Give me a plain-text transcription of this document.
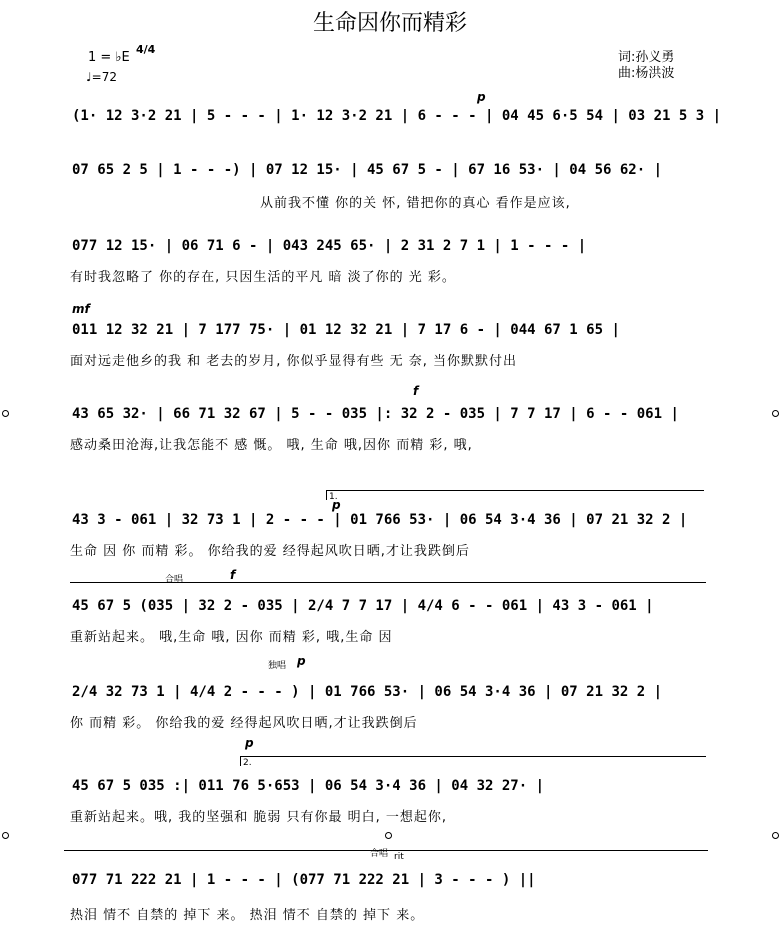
生命因你而精彩
1 = ♭E
4/4
♩=72
词:孙义勇
曲:杨洪波
p
(1· 12 3·2 21 | 5 - - - | 1· 12 3·2 21 | 6 - - - | 04 45 6·5 54 | 03 21 5 3 |
07 65 2 5 | 1 - - -) | 07 12 15· | 45 67 5 - | 67 16 53· | 04 56 62· |
从前我不懂 你的关 怀, 错把你的真心 看作是应该,
077 12 15· | 06 71 6 - | 043 245 65· | 2 31 2 7 1 | 1 - - - |
有时我忽略了 你的存在, 只因生活的平凡 暗 淡了你的 光 彩。
mf
011 12 32 21 | 7 177 75· | 01 12 32 21 | 7 17 6 - | 044 67 1 65 |
面对远走他乡的我 和 老去的岁月, 你似乎显得有些 无 奈, 当你默默付出
f
43 65 32· | 66 71 32 67 | 5 - - 035 |: 32 2 - 035 | 7 7 17 | 6 - - 061 |
感动桑田沧海,让我怎能不 感 慨。 哦, 生命 哦,因你 而精 彩, 哦,
1.
p
43 3 - 061 | 32 73 1 | 2 - - - | 01 766 53· | 06 54 3·4 36 | 07 21 32 2 |
生命 因 你 而精 彩。 你给我的爱 经得起风吹日晒,才让我跌倒后
合唱	f
45 67 5 (035 | 32 2 - 035 | 2/4 7 7 17 | 4/4 6 - - 061 | 43 3 - 061 |
重新站起来。 哦,生命 哦, 因你 而精 彩, 哦,生命 因
独唱 p
2/4 32 73 1 | 4/4 2 - - - ) | 01 766 53· | 06 54 3·4 36 | 07 21 32 2 |
你 而精 彩。 你给我的爱 经得起风吹日晒,才让我跌倒后
p
2.
45 67 5 035 :| 011 76 5·653 | 06 54 3·4 36 | 04 32 27· |
重新站起来。哦, 我的坚强和 脆弱 只有你最 明白, 一想起你,
合唱 rit
077 71 222 21 | 1 - - - | (077 71 222 21 | 3 - - - ) ||
热泪 情不 自禁的 掉下 来。 热泪 情不 自禁的 掉下 来。
